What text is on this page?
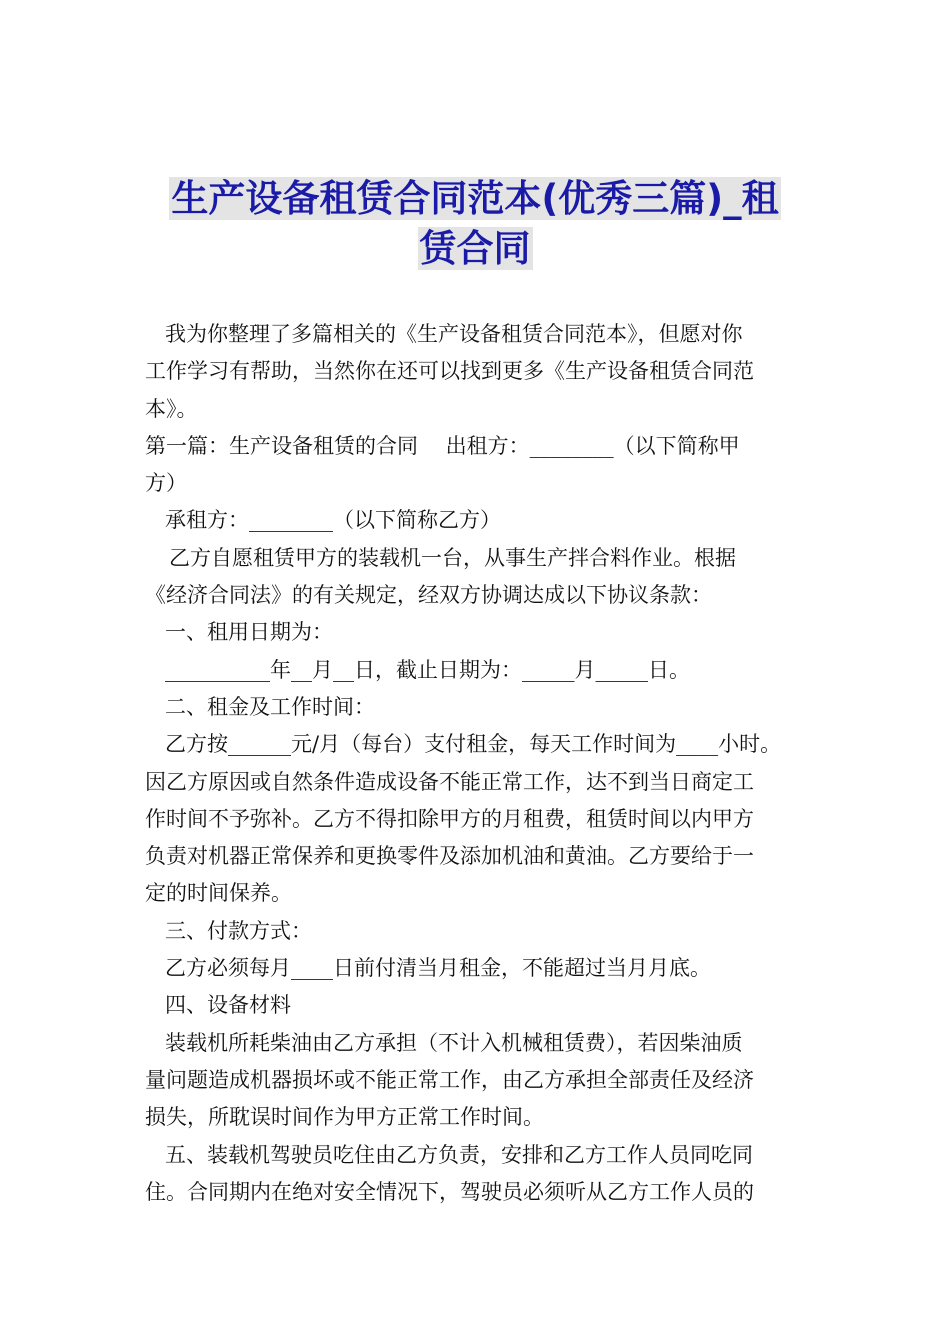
生产设备租赁合同范本(优秀三篇)_租
赁合同
我为你整理了多篇相关的《生产设备租赁合同范本》，但愿对你
工作学习有帮助，当然你在还可以找到更多《生产设备租赁合同范
本》。
第一篇：生产设备租赁的合同　 出租方：________（以下简称甲
方）
承租方：________（以下简称乙方）
乙方自愿租赁甲方的装载机一台，从事生产拌合料作业。根据
《经济合同法》的有关规定，经双方协调达成以下协议条款：
一、租用日期为：
__________年__月__日，截止日期为：_____月_____日。
二、租金及工作时间：
乙方按______元/月（每台）支付租金，每天工作时间为____小时。
因乙方原因或自然条件造成设备不能正常工作，达不到当日商定工
作时间不予弥补。乙方不得扣除甲方的月租费，租赁时间以内甲方
负责对机器正常保养和更换零件及添加机油和黄油。乙方要给于一
定的时间保养。
三、付款方式：
乙方必须每月____日前付清当月租金，不能超过当月月底。
四、设备材料
装载机所耗柴油由乙方承担（不计入机械租赁费），若因柴油质
量问题造成机器损坏或不能正常工作，由乙方承担全部责任及经济
损失，所耽误时间作为甲方正常工作时间。
五、装载机驾驶员吃住由乙方负责，安排和乙方工作人员同吃同
住。合同期内在绝对安全情况下，驾驶员必须听从乙方工作人员的
